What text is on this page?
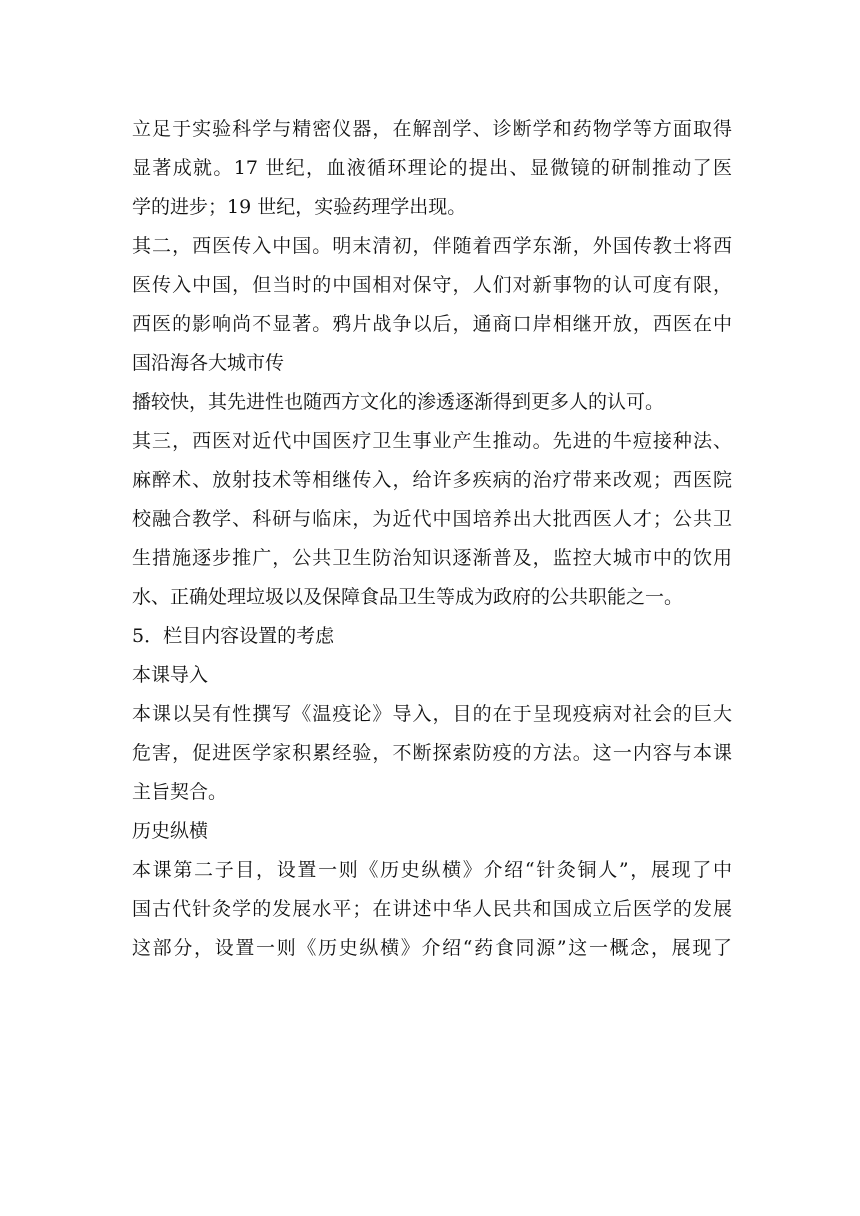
立足于实验科学与精密仪器，在解剖学、诊断学和药物学等方面取得
显著成就。17 世纪，血液循环理论的提出、显微镜的研制推动了医
学的进步；19 世纪，实验药理学出现。
其二，西医传入中国。明末清初，伴随着西学东渐，外国传教士将西
医传入中国，但当时的中国相对保守，人们对新事物的认可度有限，
西医的影响尚不显著。鸦片战争以后，通商口岸相继开放，西医在中
国沿海各大城市传
播较快，其先进性也随西方文化的渗透逐渐得到更多人的认可。
其三，西医对近代中国医疗卫生事业产生推动。先进的牛痘接种法、
麻醉术、放射技术等相继传入，给许多疾病的治疗带来改观；西医院
校融合教学、科研与临床，为近代中国培养出大批西医人才；公共卫
生措施逐步推广，公共卫生防治知识逐渐普及，监控大城市中的饮用
水、正确处理垃圾以及保障食品卫生等成为政府的公共职能之一。
5．栏目内容设置的考虑
本课导入
本课以吴有性撰写《温疫论》导入，目的在于呈现疫病对社会的巨大
危害，促进医学家积累经验，不断探索防疫的方法。这一内容与本课
主旨契合。
历史纵横
本课第二子目，设置一则《历史纵横》介绍“针灸铜人”，展现了中
国古代针灸学的发展水平；在讲述中华人民共和国成立后医学的发展
这部分，设置一则《历史纵横》介绍“药食同源”这一概念，展现了
